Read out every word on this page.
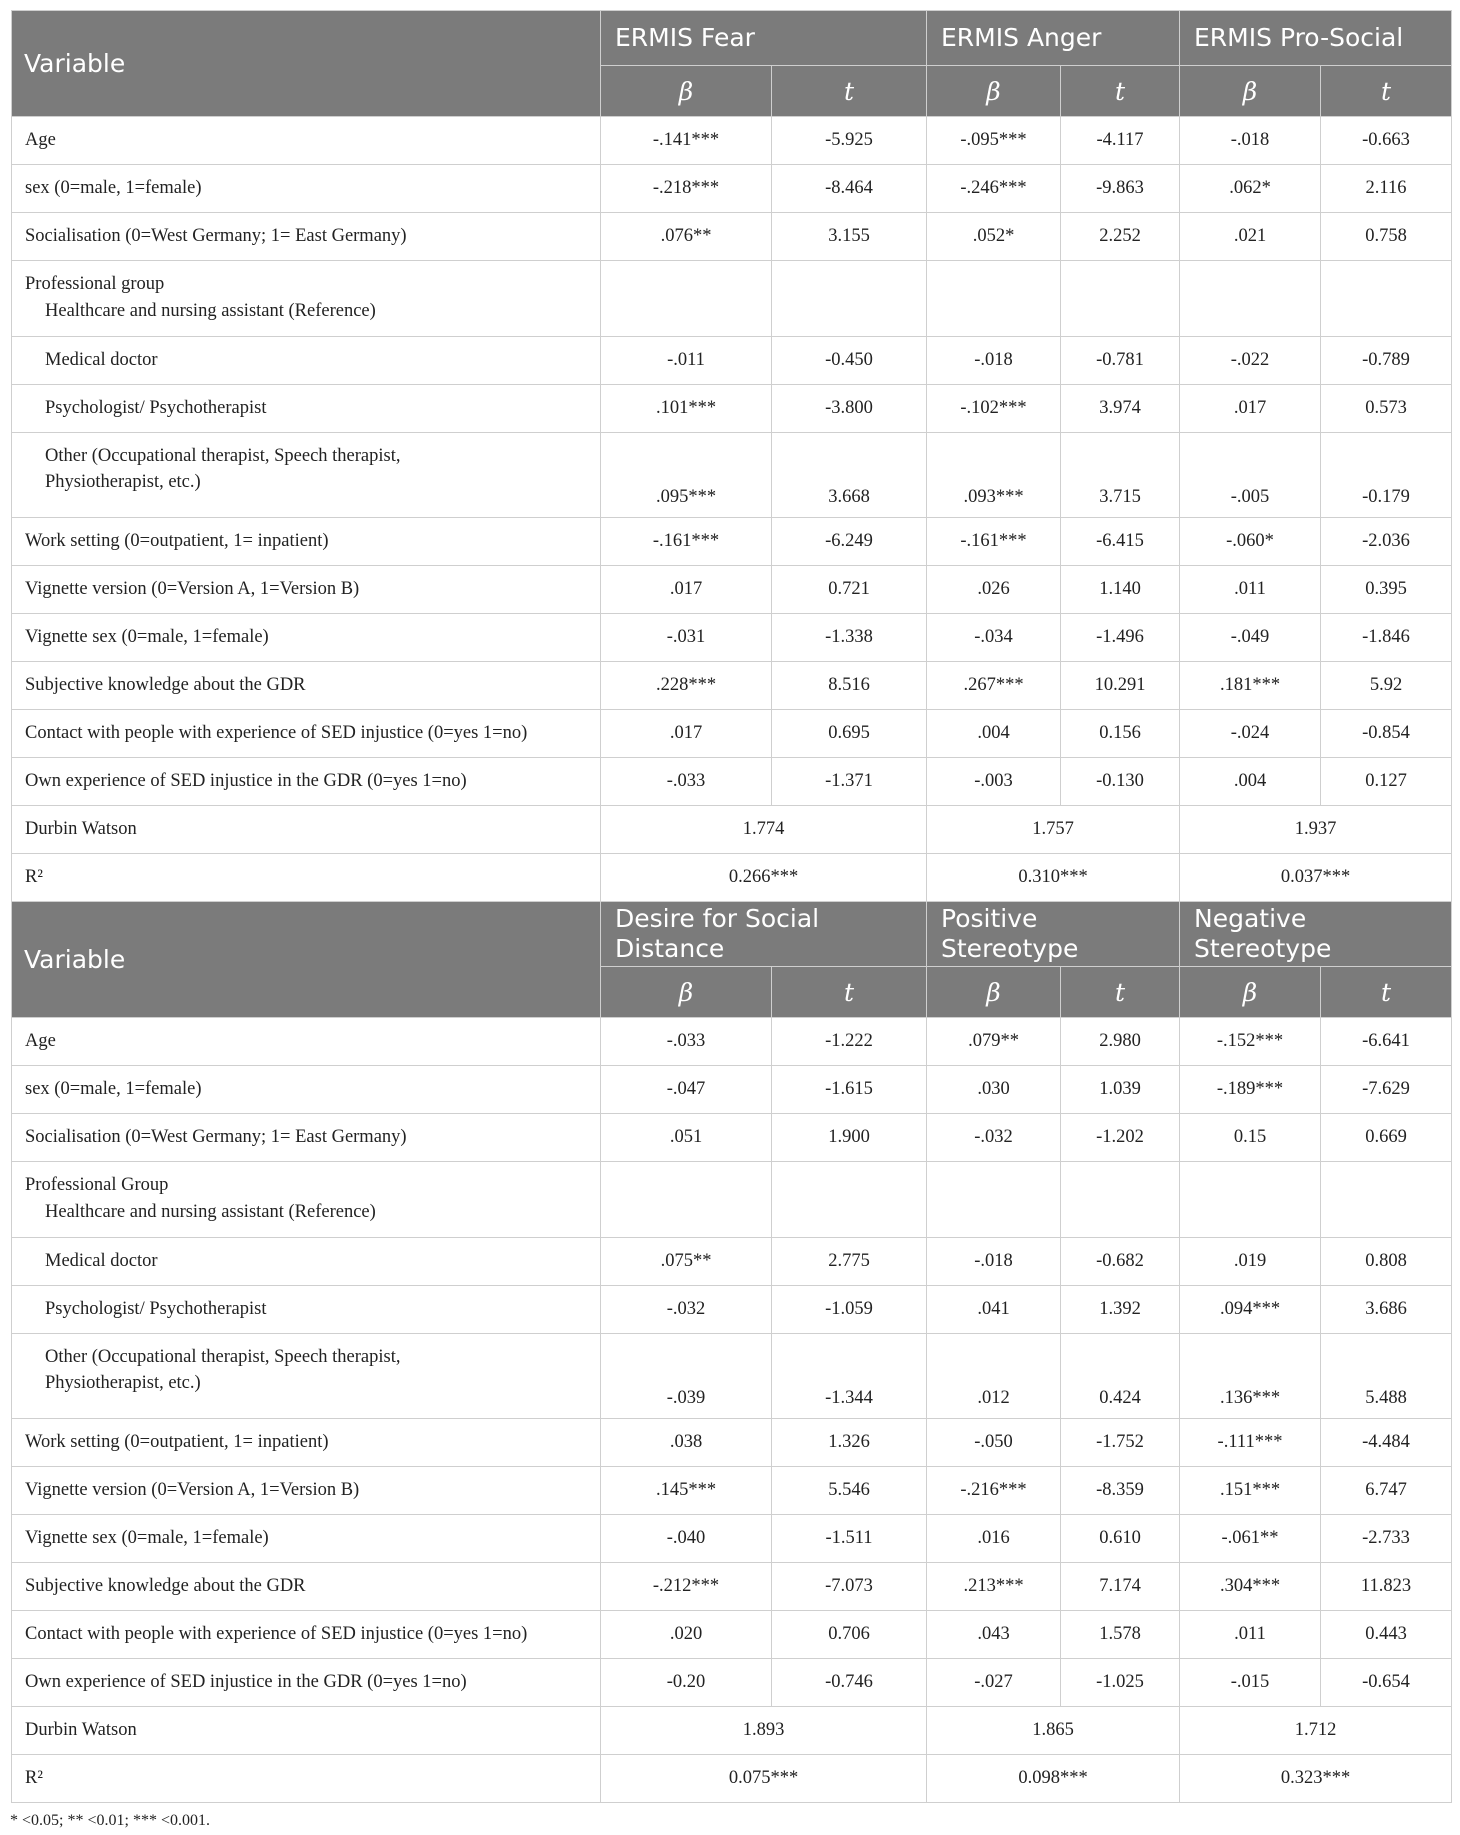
Variable	ERMIS Fear		ERMIS Anger		ERMIS Pro-Social	
	β	t	β	t	β	t
Age	-.141***	-5.925	-.095***	-4.117	-.018	-0.663
sex (0=male, 1=female)	-.218***	-8.464	-.246***	-9.863	.062*	2.116
Socialisation (0=West Germany; 1= East Germany)	.076**	3.155	.052*	2.252	.021	0.758
Professional group
Healthcare and nursing assistant (Reference)						

Medical doctor	-.011	-0.450	-.018	-0.781	-.022	-0.789

Psychologist/ Psychotherapist	.101***	-3.800	-.102***	3.974	.017	0.573

Other (Occupational therapist, Speech therapist,
Physiotherapist, etc.)	.095***	3.668	.093***	3.715	-.005	-0.179
Work setting (0=outpatient, 1= inpatient)	-.161***	-6.249	-.161***	-6.415	-.060*	-2.036
Vignette version (0=Version A, 1=Version B)	.017	0.721	.026	1.140	.011	0.395
Vignette sex (0=male, 1=female)	-.031	-1.338	-.034	-1.496	-.049	-1.846
Subjective knowledge about the GDR	.228***	8.516	.267***	10.291	.181***	5.92
Contact with people with experience of SED injustice (0=yes 1=no)	.017	0.695	.004	0.156	-.024	-0.854
Own experience of SED injustice in the GDR (0=yes 1=no)	-.033	-1.371	-.003	-0.130	.004	0.127
Durbin Watson	1.774		1.757		1.937	
R²	0.266***		0.310***		0.037***	
Variable	Desire for Social Distance		Positive Stereotype		Negative Stereotype	
	β	t	β	t	β	t
Age	-.033	-1.222	.079**	2.980	-.152***	-6.641
sex (0=male, 1=female)	-.047	-1.615	.030	1.039	-.189***	-7.629
Socialisation (0=West Germany; 1= East Germany)	.051	1.900	-.032	-1.202	0.15	0.669
Professional Group
Healthcare and nursing assistant (Reference)						

Medical doctor	.075**	2.775	-.018	-0.682	.019	0.808

Psychologist/ Psychotherapist	-.032	-1.059	.041	1.392	.094***	3.686

Other (Occupational therapist, Speech therapist,
Physiotherapist, etc.)	-.039	-1.344	.012	0.424	.136***	5.488
Work setting (0=outpatient, 1= inpatient)	.038	1.326	-.050	-1.752	-.111***	-4.484
Vignette version (0=Version A, 1=Version B)	.145***	5.546	-.216***	-8.359	.151***	6.747
Vignette sex (0=male, 1=female)	-.040	-1.511	.016	0.610	-.061**	-2.733
Subjective knowledge about the GDR	-.212***	-7.073	.213***	7.174	.304***	11.823
Contact with people with experience of SED injustice (0=yes 1=no)	.020	0.706	.043	1.578	.011	0.443
Own experience of SED injustice in the GDR (0=yes 1=no)	-0.20	-0.746	-.027	-1.025	-.015	-0.654
Durbin Watson	1.893		1.865		1.712	
R²	0.075***		0.098***		0.323***	
* <0.05; ** <0.01; *** <0.001.
